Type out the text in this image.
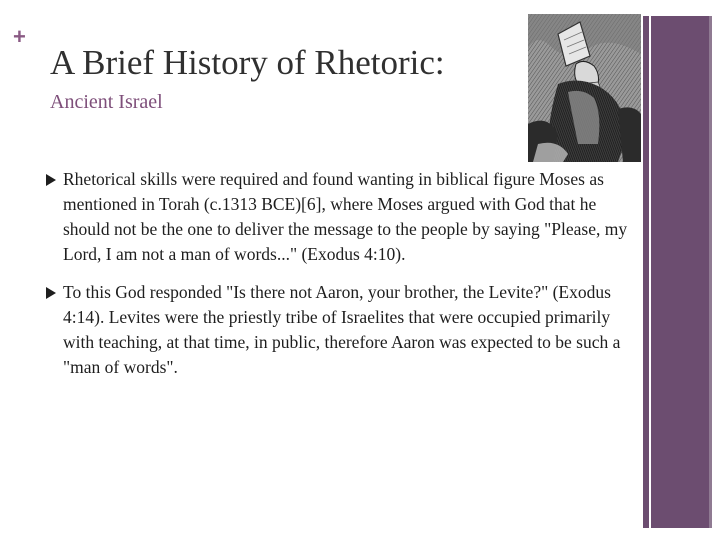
+
A Brief History of Rhetoric:
Ancient Israel
Rhetorical skills were required and found wanting in biblical figure Moses as mentioned in Torah (c.1313 BCE)[6], where Moses argued with God that he should not be the one to deliver the message to the people by saying "Please, my Lord, I am not a man of words..." (Exodus 4:10).
To this God responded "Is there not Aaron, your brother, the Levite?" (Exodus 4:14). Levites were the priestly tribe of Israelites that were occupied primarily with teaching, at that time, in public, therefore Aaron was expected to be such a "man of words".
